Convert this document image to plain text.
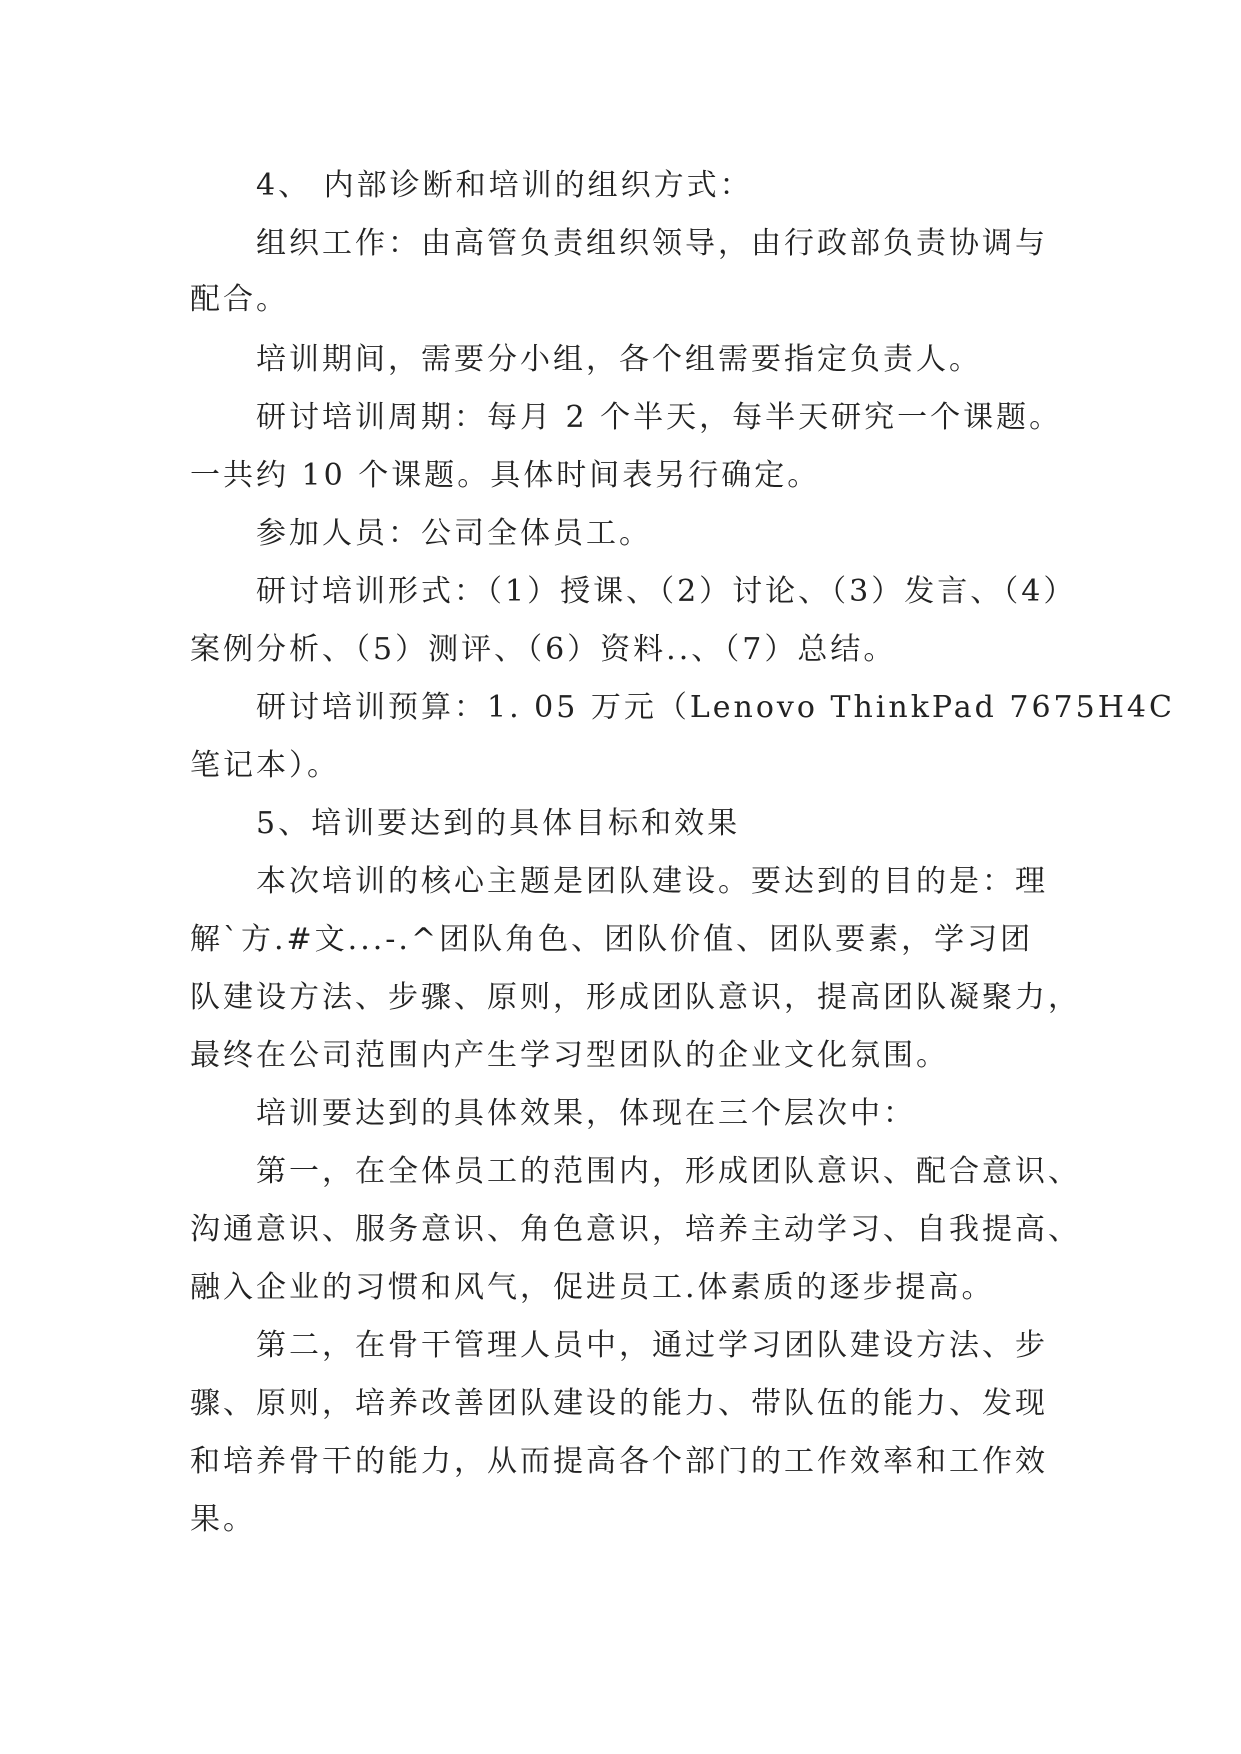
4、 内部诊断和培训的组织方式：
组织工作：由高管负责组织领导，由行政部负责协调与
配合。
培训期间，需要分小组，各个组需要指定负责人。
研讨培训周期：每月 2 个半天，每半天研究一个课题。
一共约 10 个课题。具体时间表另行确定。
参加人员：公司全体员工。
研讨培训形式：（1）授课、（2）讨论、（3）发言、（4）
案例分析、（5）测评、（6）资料..、（7）总结。
研讨培训预算：1. 05 万元（Lenovo ThinkPad 7675H4C
笔记本）。
5、培训要达到的具体目标和效果
本次培训的核心主题是团队建设。要达到的目的是：理
解`方.#文...-.^团队角色、团队价值、团队要素，学习团
队建设方法、步骤、原则，形成团队意识，提高团队凝聚力，
最终在公司范围内产生学习型团队的企业文化氛围。
培训要达到的具体效果，体现在三个层次中：
第一，在全体员工的范围内，形成团队意识、配合意识、
沟通意识、服务意识、角色意识，培养主动学习、自我提高、
融入企业的习惯和风气，促进员工.体素质的逐步提高。
第二，在骨干管理人员中，通过学习团队建设方法、步
骤、原则，培养改善团队建设的能力、带队伍的能力、发现
和培养骨干的能力，从而提高各个部门的工作效率和工作效
果。
